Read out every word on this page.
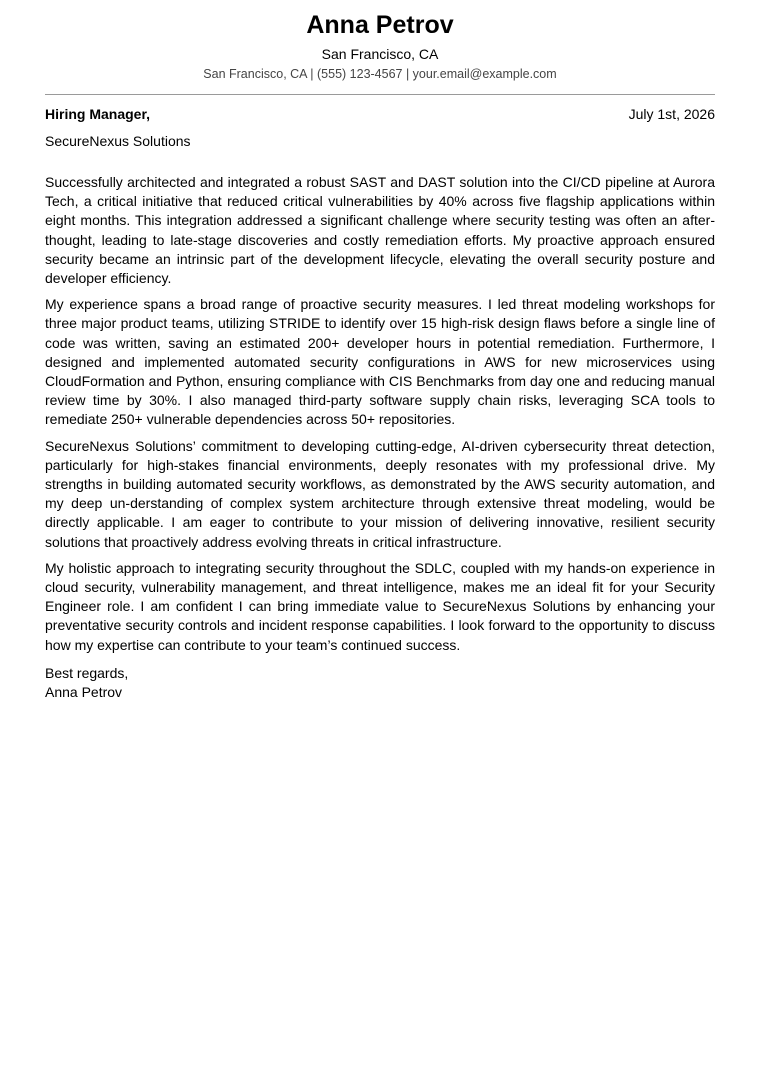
Anna Petrov
San Francisco, CA
San Francisco, CA | (555) 123-4567 | your.email@example.com
Hiring Manager,	July 1st, 2026
SecureNexus Solutions

Successfully architected and integrated a robust SAST and DAST solution into the CI/CD pipeline at Aurora Tech, a critical initiative that reduced critical vulnerabilities by 40% across five flagship applications within eight months. This integration addressed a significant challenge where security testing was often an after-thought, leading to late-stage discoveries and costly remediation efforts. My proactive approach ensured security became an intrinsic part of the development lifecycle, elevating the overall security posture and developer efficiency.

My experience spans a broad range of proactive security measures. I led threat modeling workshops for three major product teams, utilizing STRIDE to identify over 15 high-risk design flaws before a single line of code was written, saving an estimated 200+ developer hours in potential remediation. Furthermore, I designed and implemented automated security configurations in AWS for new microservices using CloudFormation and Python, ensuring compliance with CIS Benchmarks from day one and reducing manual review time by 30%. I also managed third-party software supply chain risks, leveraging SCA tools to remediate 250+ vulnerable dependencies across 50+ repositories.

SecureNexus Solutions’ commitment to developing cutting-edge, AI-driven cybersecurity threat detection, particularly for high-stakes financial environments, deeply resonates with my professional drive. My strengths in building automated security workflows, as demonstrated by the AWS security automation, and my deep un-derstanding of complex system architecture through extensive threat modeling, would be directly applicable. I am eager to contribute to your mission of delivering innovative, resilient security solutions that proactively address evolving threats in critical infrastructure.

My holistic approach to integrating security throughout the SDLC, coupled with my hands-on experience in cloud security, vulnerability management, and threat intelligence, makes me an ideal fit for your Security Engineer role. I am confident I can bring immediate value to SecureNexus Solutions by enhancing your preventative security controls and incident response capabilities. I look forward to the opportunity to discuss how my expertise can contribute to your team’s continued success.

Best regards,
Anna Petrov
